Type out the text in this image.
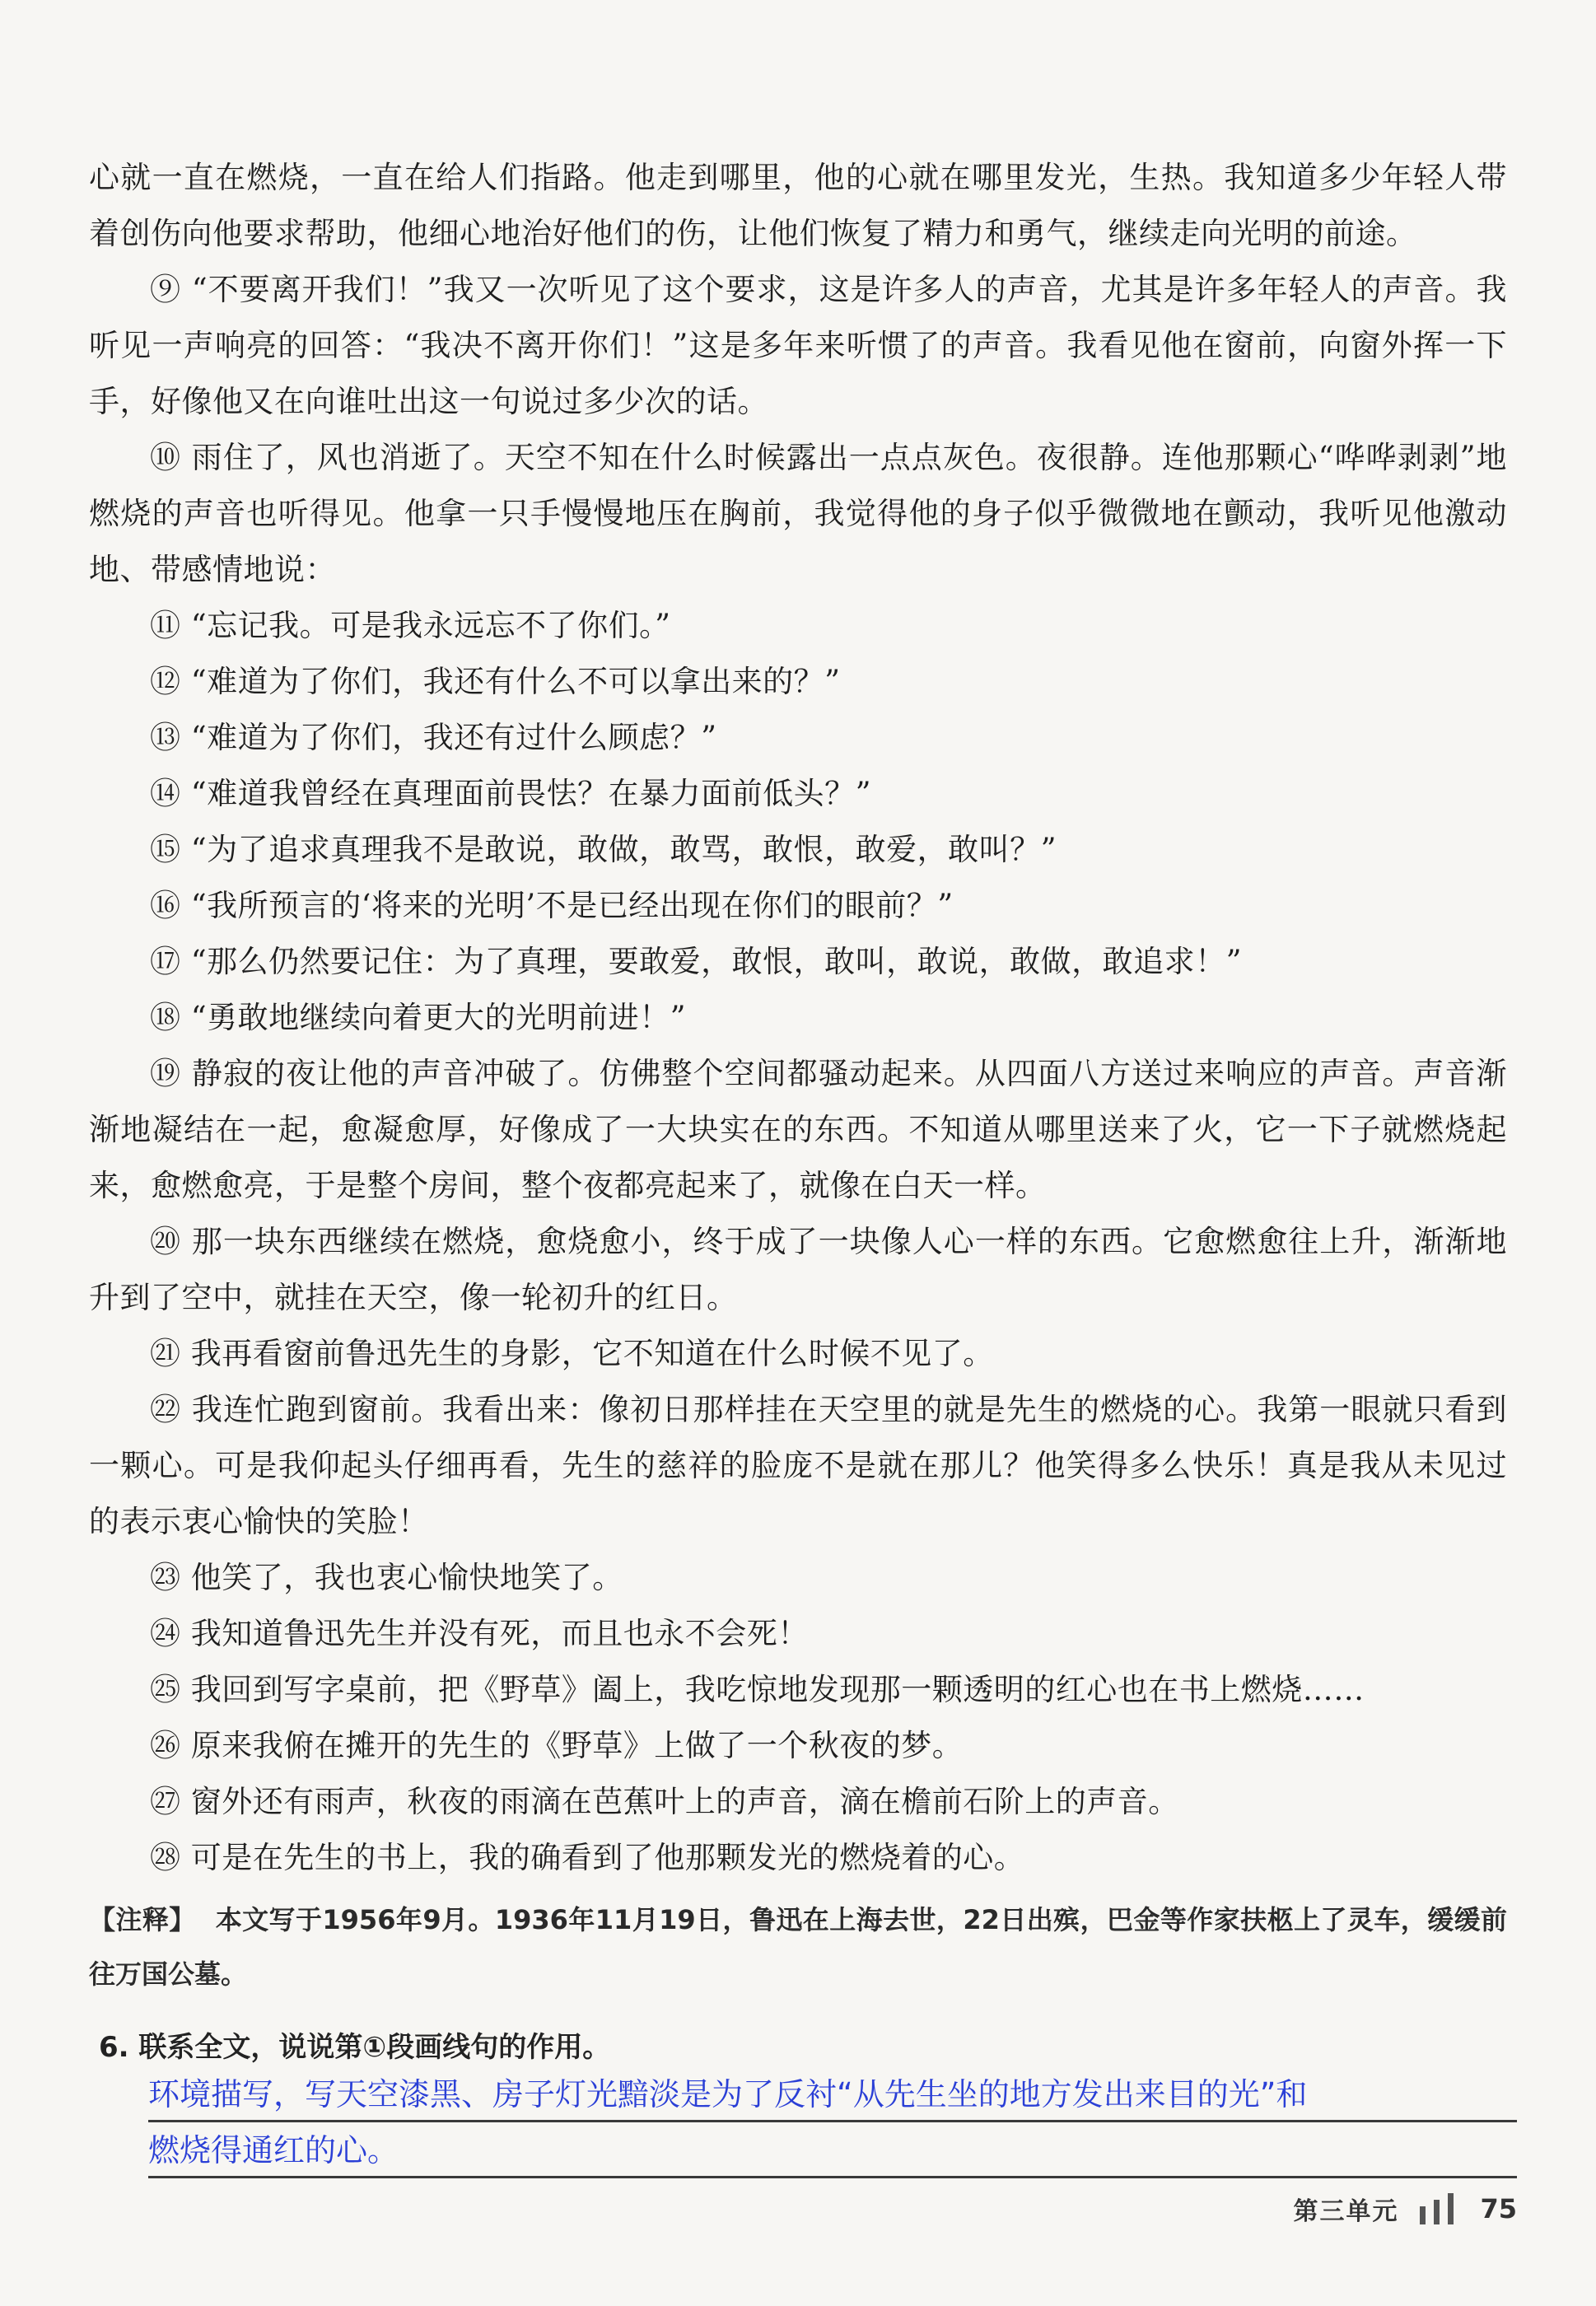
心就一直在燃烧，一直在给人们指路。他走到哪里，他的心就在哪里发光，生热。我知道多少年轻人带着创伤向他要求帮助，他细心地治好他们的伤，让他们恢复了精力和勇气，继续走向光明的前途。
⑨ “不要离开我们！”我又一次听见了这个要求，这是许多人的声音，尤其是许多年轻人的声音。我听见一声响亮的回答：“我决不离开你们！”这是多年来听惯了的声音。我看见他在窗前，向窗外挥一下手，好像他又在向谁吐出这一句说过多少次的话。
⑩ 雨住了，风也消逝了。天空不知在什么时候露出一点点灰色。夜很静。连他那颗心“哗哗剥剥”地燃烧的声音也听得见。他拿一只手慢慢地压在胸前，我觉得他的身子似乎微微地在颤动，我听见他激动地、带感情地说：
⑪ “忘记我。可是我永远忘不了你们。”
⑫ “难道为了你们，我还有什么不可以拿出来的？”
⑬ “难道为了你们，我还有过什么顾虑？”
⑭ “难道我曾经在真理面前畏怯？在暴力面前低头？”
⑮ “为了追求真理我不是敢说，敢做，敢骂，敢恨，敢爱，敢叫？”
⑯ “我所预言的‘将来的光明’不是已经出现在你们的眼前？”
⑰ “那么仍然要记住：为了真理，要敢爱，敢恨，敢叫，敢说，敢做，敢追求！”
⑱ “勇敢地继续向着更大的光明前进！”
⑲ 静寂的夜让他的声音冲破了。仿佛整个空间都骚动起来。从四面八方送过来响应的声音。声音渐渐地凝结在一起，愈凝愈厚，好像成了一大块实在的东西。不知道从哪里送来了火，它一下子就燃烧起来，愈燃愈亮，于是整个房间，整个夜都亮起来了，就像在白天一样。
⑳ 那一块东西继续在燃烧，愈烧愈小，终于成了一块像人心一样的东西。它愈燃愈往上升，渐渐地升到了空中，就挂在天空，像一轮初升的红日。
㉑ 我再看窗前鲁迅先生的身影，它不知道在什么时候不见了。
㉒ 我连忙跑到窗前。我看出来：像初日那样挂在天空里的就是先生的燃烧的心。我第一眼就只看到一颗心。可是我仰起头仔细再看，先生的慈祥的脸庞不是就在那儿？他笑得多么快乐！真是我从未见过的表示衷心愉快的笑脸！
㉓ 他笑了，我也衷心愉快地笑了。
㉔ 我知道鲁迅先生并没有死，而且也永不会死！
㉕ 我回到写字桌前，把《野草》阖上，我吃惊地发现那一颗透明的红心也在书上燃烧……
㉖ 原来我俯在摊开的先生的《野草》上做了一个秋夜的梦。
㉗ 窗外还有雨声，秋夜的雨滴在芭蕉叶上的声音，滴在檐前石阶上的声音。
㉘ 可是在先生的书上，我的确看到了他那颗发光的燃烧着的心。
【注释】 本文写于1956年9月。1936年11月19日，鲁迅在上海去世，22日出殡，巴金等作家扶柩上了灵车，缓缓前往万国公墓。
6. 联系全文，说说第①段画线句的作用。
环境描写，写天空漆黑、房子灯光黯淡是为了反衬“从先生坐的地方发出来目的光”和
燃烧得通红的心。
第三单元	75
